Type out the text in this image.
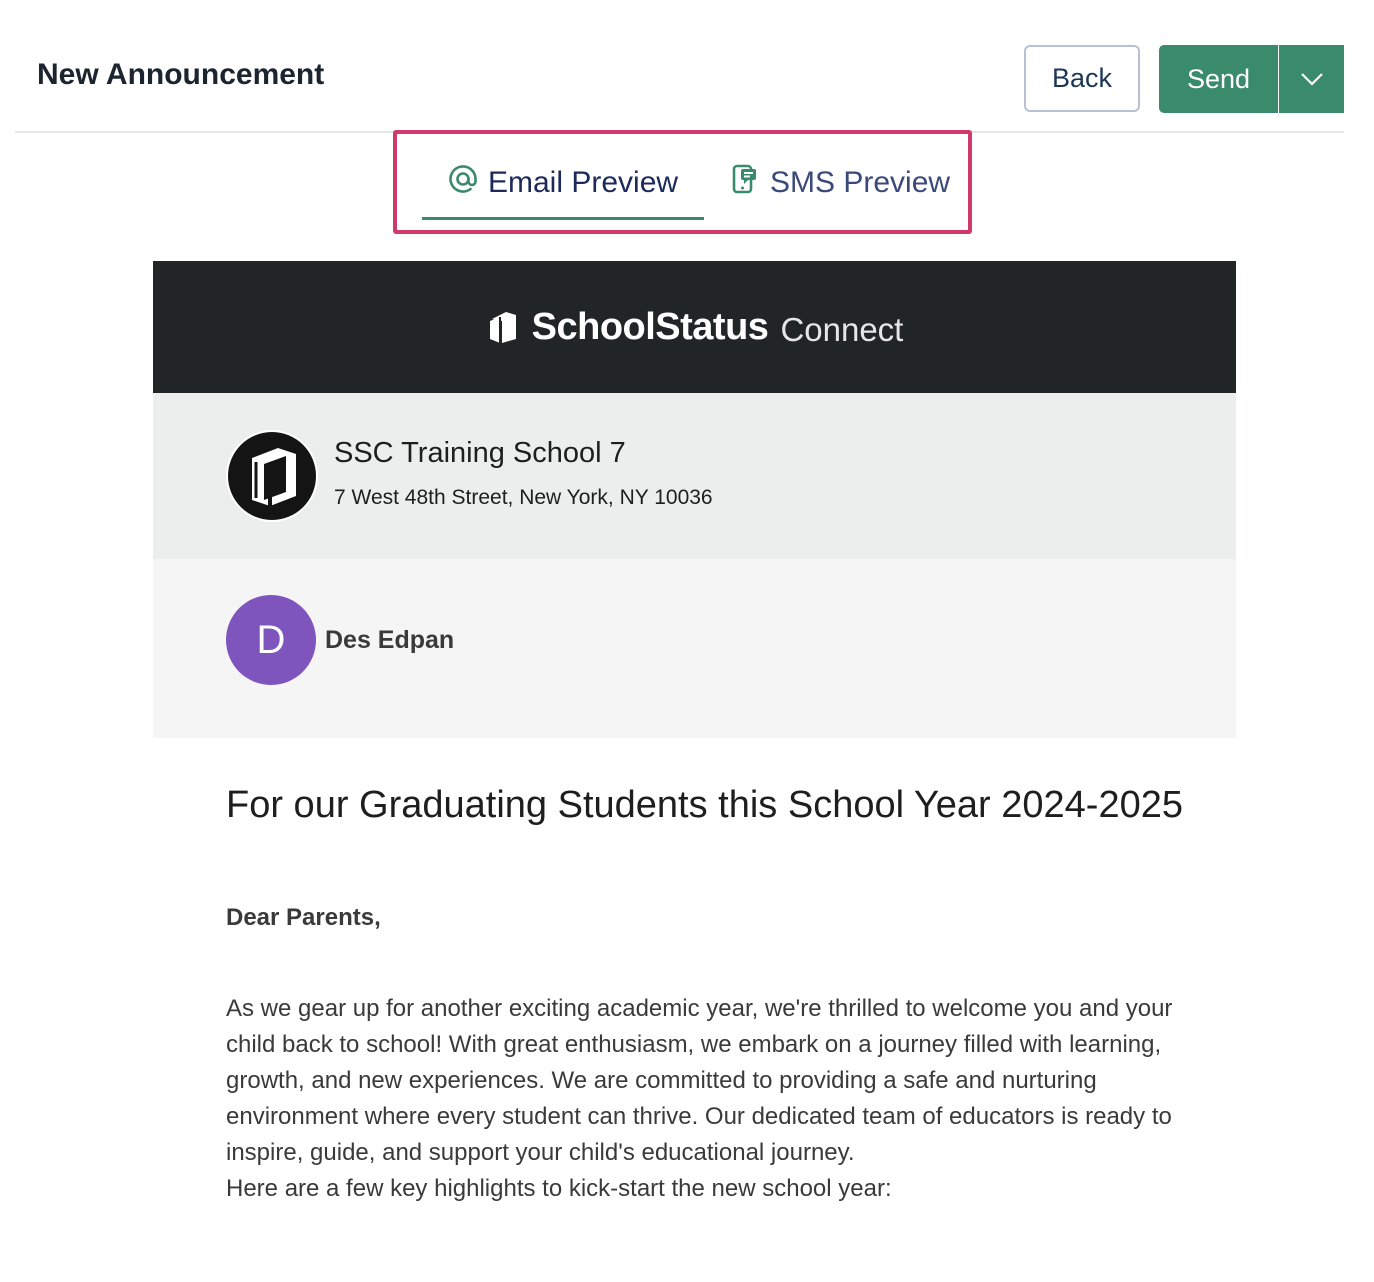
New Announcement	Back	Send
Email Preview	SMS Preview
SchoolStatus Connect
SSC Training School 7
7 West 48th Street, New York, NY 10036
D	Des Edpan
For our Graduating Students this School Year 2024-2025
Dear Parents,

As we gear up for another exciting academic year, we're thrilled to welcome you and your child back to school! With great enthusiasm, we embark on a journey filled with learning, growth, and new experiences. We are committed to providing a safe and nurturing environment where every student can thrive. Our dedicated team of educators is ready to inspire, guide, and support your child's educational journey.

Here are a few key highlights to kick-start the new school year:
